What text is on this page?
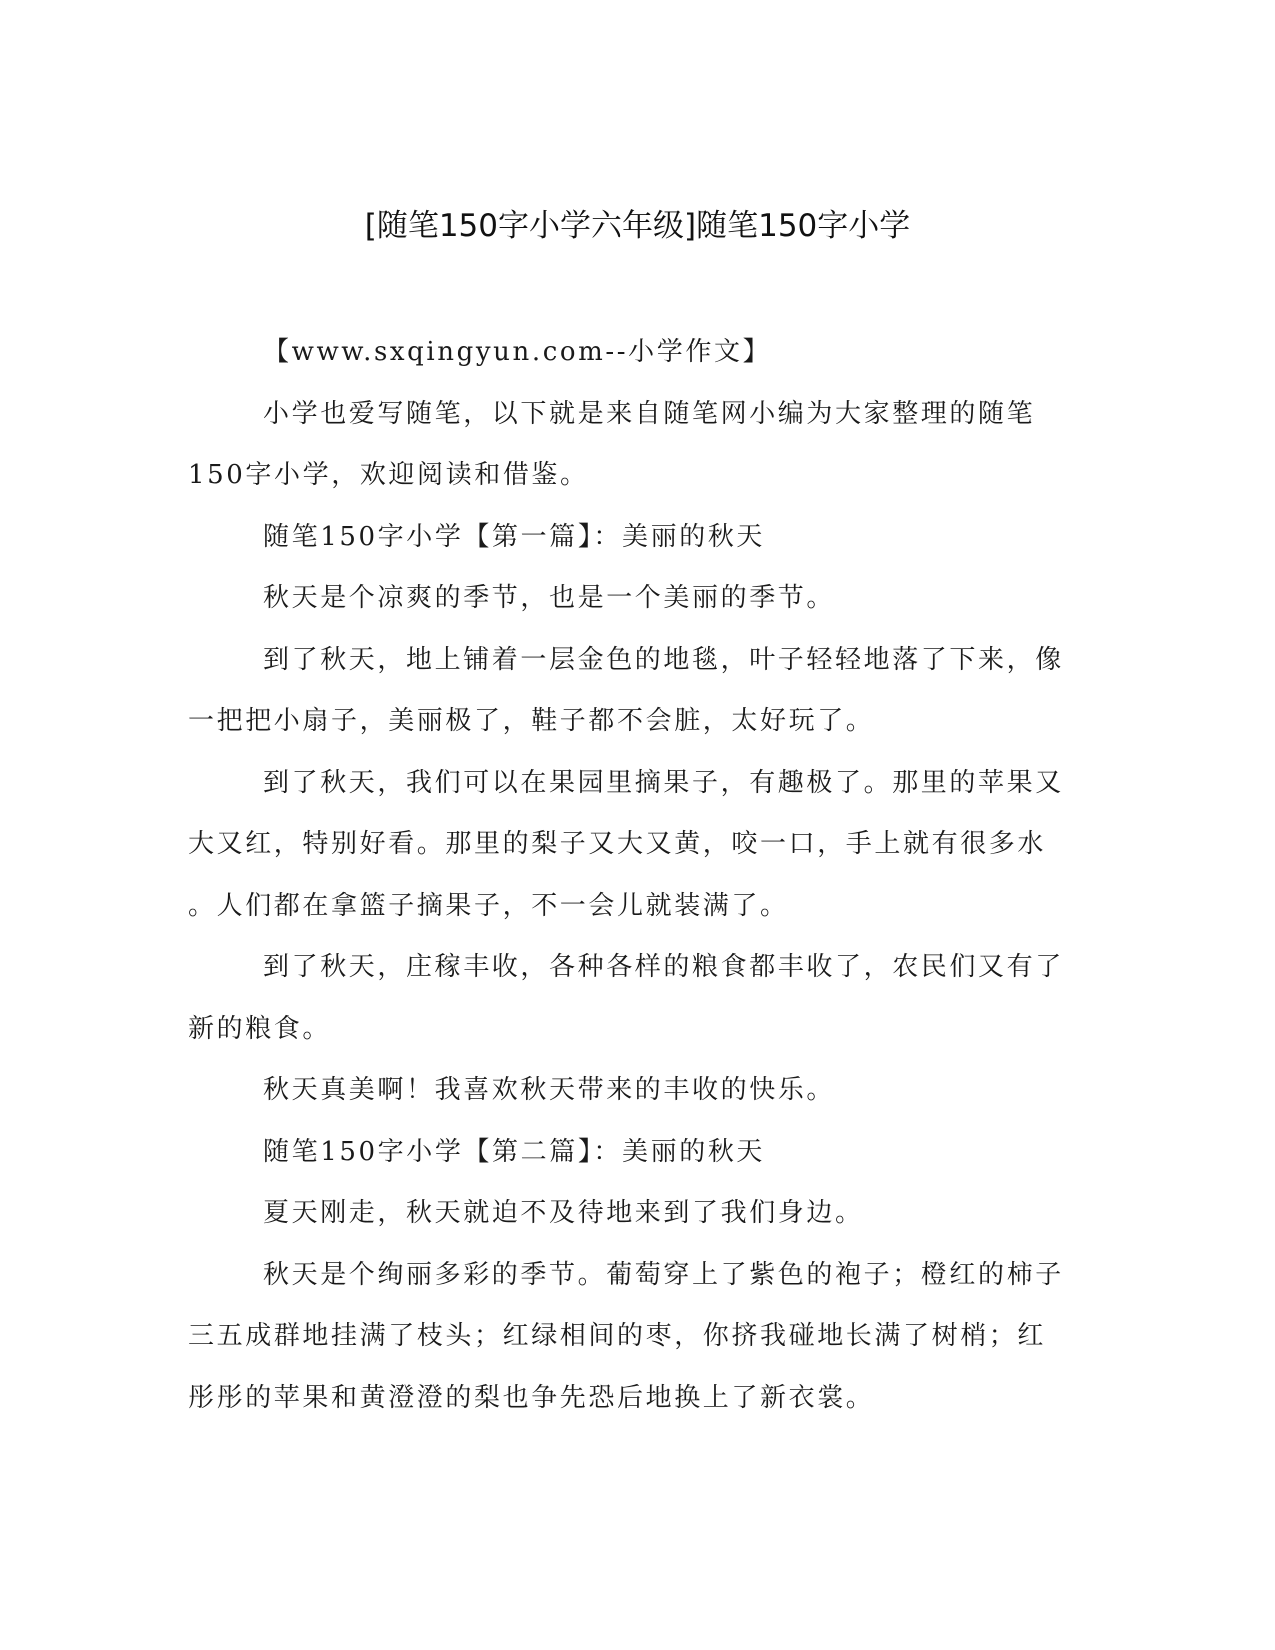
[随笔150字小学六年级]随笔150字小学

【www.sxqingyun.com--小学作文】

小学也爱写随笔，以下就是来自随笔网小编为大家整理的随笔

150字小学，欢迎阅读和借鉴。

随笔150字小学【第一篇】：美丽的秋天

秋天是个凉爽的季节，也是一个美丽的季节。

到了秋天，地上铺着一层金色的地毯，叶子轻轻地落了下来，像

一把把小扇子，美丽极了，鞋子都不会脏，太好玩了。

到了秋天，我们可以在果园里摘果子，有趣极了。那里的苹果又

大又红，特别好看。那里的梨子又大又黄，咬一口，手上就有很多水

。人们都在拿篮子摘果子，不一会儿就装满了。

到了秋天，庄稼丰收，各种各样的粮食都丰收了，农民们又有了

新的粮食。

秋天真美啊！我喜欢秋天带来的丰收的快乐。

随笔150字小学【第二篇】：美丽的秋天

夏天刚走，秋天就迫不及待地来到了我们身边。

秋天是个绚丽多彩的季节。葡萄穿上了紫色的袍子；橙红的柿子

三五成群地挂满了枝头；红绿相间的枣，你挤我碰地长满了树梢；红

彤彤的苹果和黄澄澄的梨也争先恐后地换上了新衣裳。
